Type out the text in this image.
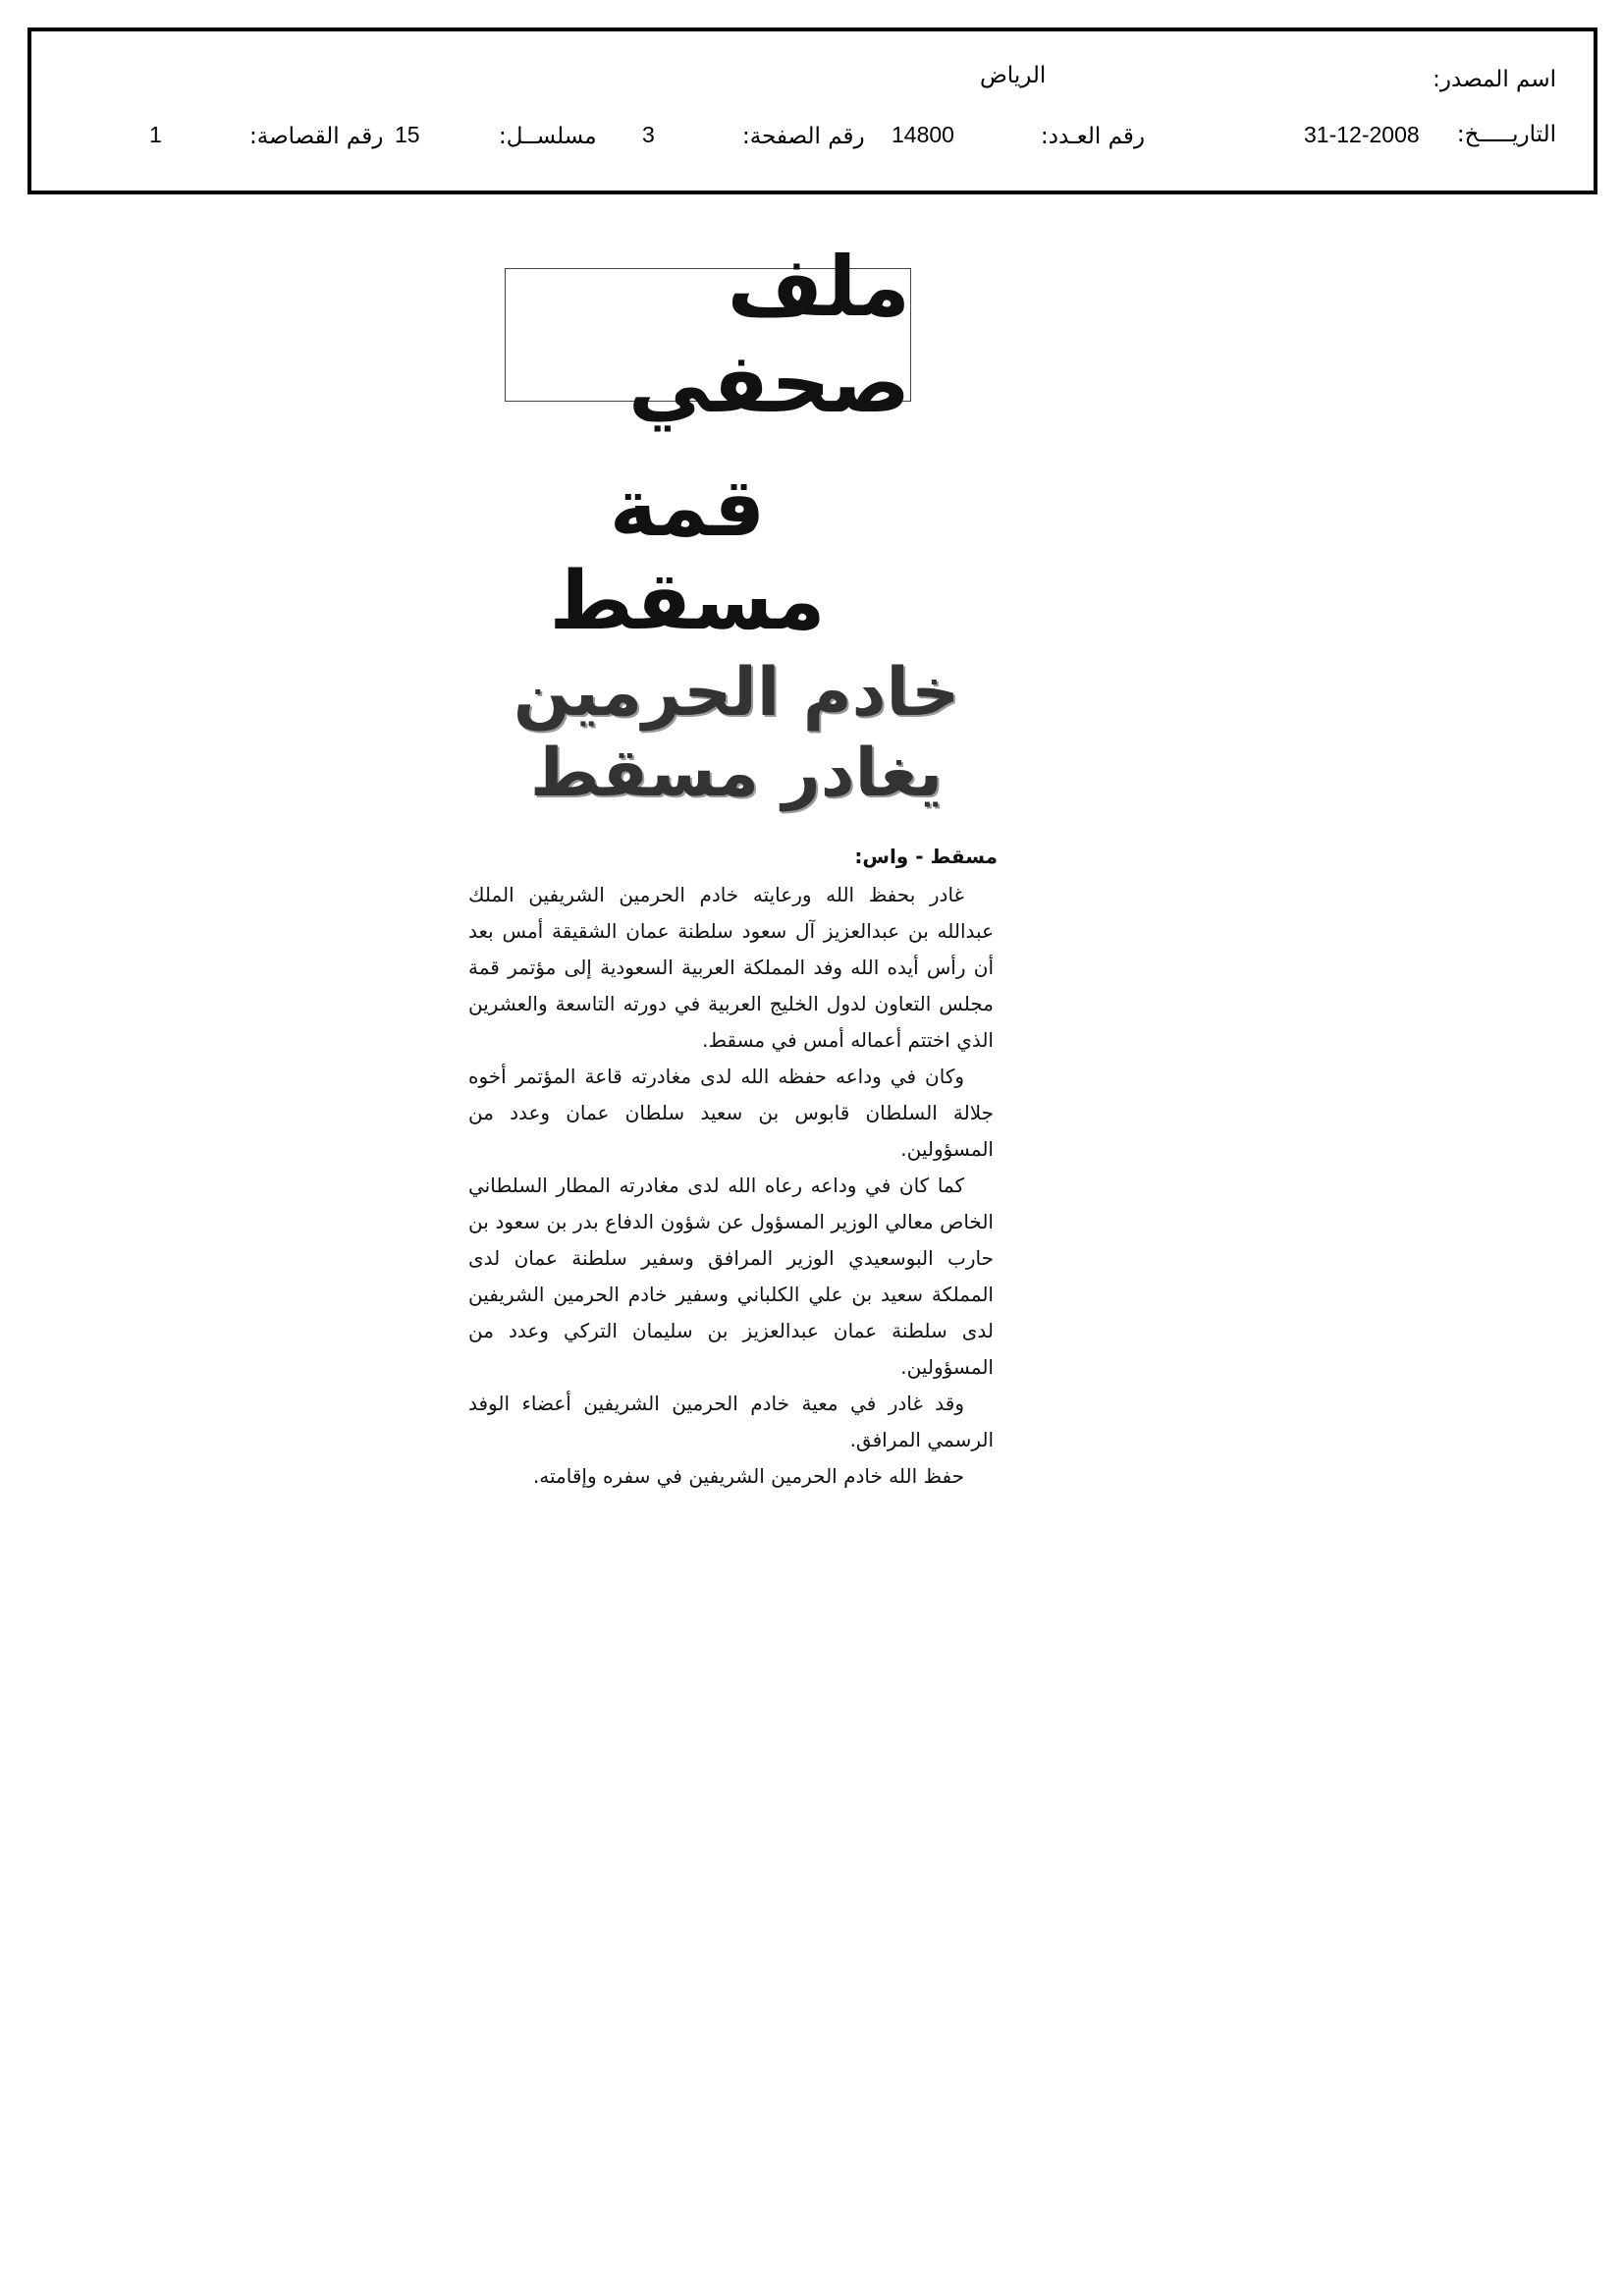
اسم المصدر:
الرياض
التاريـــــخ:
31-12-2008
رقم العـدد:
14800
رقم الصفحة:
3
مسلســل:
15
رقم القصاصة:
1
ملف صحفي
قمة مسقط
خادم الحرمين
يغادر مسقط
مسقط - واس:

غادر بحفظ الله ورعايته خادم الحرمين الشريفين الملك عبدالله بن عبدالعزيز آل سعود سلطنة عمان الشقيقة أمس بعد أن رأس أيده الله وفد المملكة العربية السعودية إلى مؤتمر قمة مجلس التعاون لدول الخليج العربية في دورته التاسعة والعشرين الذي اختتم أعماله أمس في مسقط.

وكان في وداعه حفظه الله لدى مغادرته قاعة المؤتمر أخوه جلالة السلطان قابوس بن سعيد سلطان عمان وعدد من المسؤولين.

كما كان في وداعه رعاه الله لدى مغادرته المطار السلطاني الخاص معالي الوزير المسؤول عن شؤون الدفاع بدر بن سعود بن حارب البوسعيدي الوزير المرافق وسفير سلطنة عمان لدى المملكة سعيد بن علي الكلباني وسفير خادم الحرمين الشريفين لدى سلطنة عمان عبدالعزيز بن سليمان التركي وعدد من المسؤولين.

وقد غادر في معية خادم الحرمين الشريفين أعضاء الوفد الرسمي المرافق.

حفظ الله خادم الحرمين الشريفين في سفره وإقامته.
